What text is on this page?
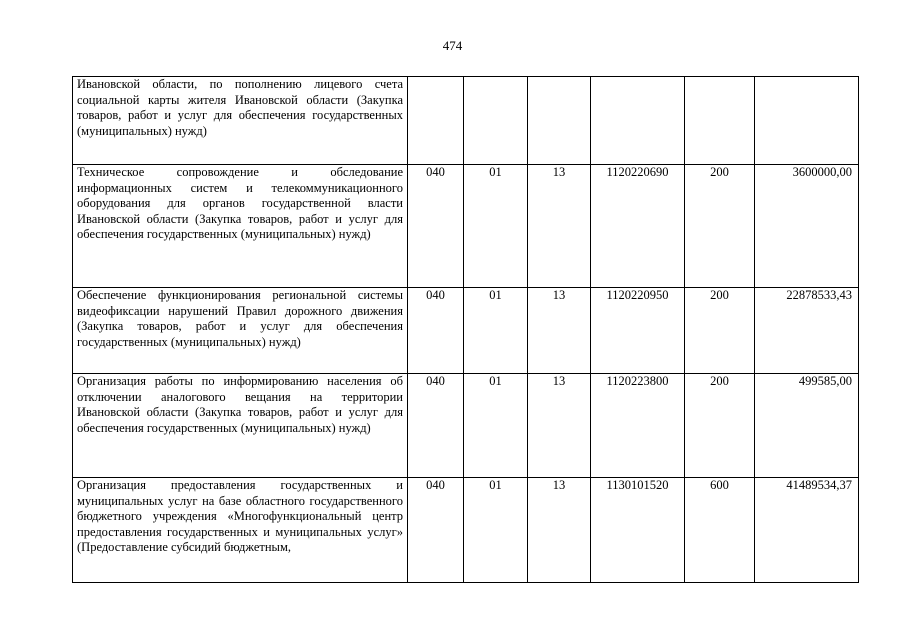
474
Ивановской области, по пополнению лицевого счета социальной карты жителя Ивановской области (Закупка товаров, работ и услуг для обеспечения государственных (муниципальных) нужд)						
Техническое сопровождение и обследование информационных систем и телекоммуникационного оборудования для органов государственной власти Ивановской области (Закупка товаров, работ и услуг для обеспечения государственных (муниципальных) нужд)	040	01	13	1120220690	200	3600000,00
Обеспечение функционирования региональной системы видеофиксации нарушений Правил дорожного движения (Закупка товаров, работ и услуг для обеспечения государственных (муниципальных) нужд)	040	01	13	1120220950	200	22878533,43
Организация работы по информированию населения об отключении аналогового вещания на территории Ивановской области (Закупка товаров, работ и услуг для обеспечения государственных (муниципальных) нужд)	040	01	13	1120223800	200	499585,00
Организация предоставления государственных и муниципальных услуг на базе областного государственного бюджетного учреждения «Многофункциональный центр предоставления государственных и муниципальных услуг» (Предоставление субсидий бюджетным,	040	01	13	1130101520	600	41489534,37
